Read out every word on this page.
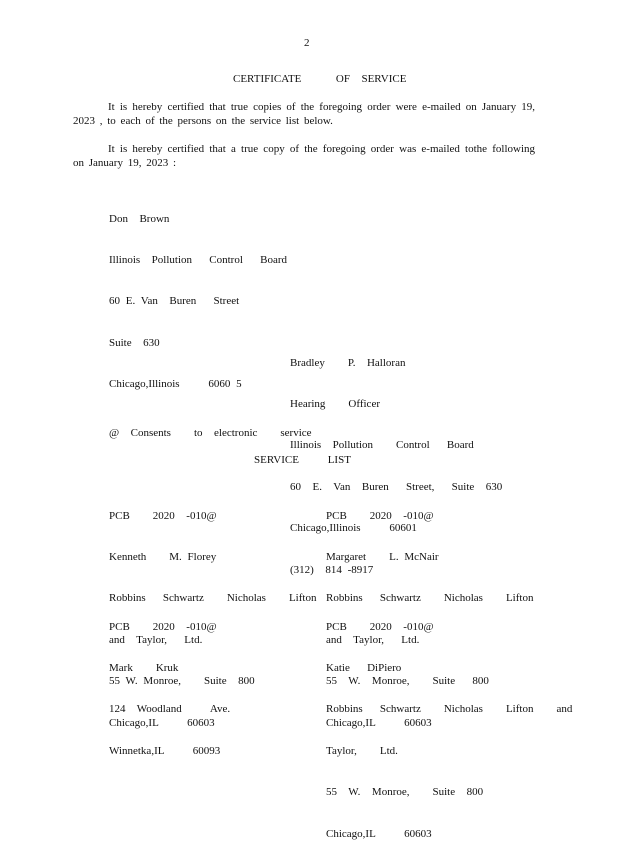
2
CERTIFICATE      OF  SERVICE
It is hereby certified that true copies of the foregoing order were e-mailed on January 19, 2023 , to each of the persons on the service list below.
It is hereby certified that a true copy of the foregoing order was e-mailed tothe following on January 19, 2023 :

Don  Brown

Illinois  Pollution   Control   Board

60 E. Van  Buren   Street

Suite  630

Chicago,Illinois     6060 5

Bradley    P.  Halloran

Hearing    Officer

Illinois  Pollution    Control   Board

60  E.  Van  Buren   Street,   Suite  630

Chicago,Illinois     60601

(312)  814 -8917

@  Consents    to  electronic    service
SERVICE     LIST

PCB    2020  -010@

Kenneth    M. Florey

Robbins   Schwartz    Nicholas    Lifton

and  Taylor,   Ltd.

55 W. Monroe,    Suite  800

Chicago,IL     60603

PCB    2020  -010@

Margaret    L. McNair

Robbins   Schwartz    Nicholas    Lifton

and  Taylor,   Ltd.

55  W.  Monroe,    Suite   800

Chicago,IL     60603

PCB    2020  -010@

Mark    Kruk

124  Woodland     Ave.

Winnetka,IL     60093

PCB    2020  -010@

Katie   DiPiero

Robbins   Schwartz    Nicholas    Lifton    and

Taylor,    Ltd.

55  W.  Monroe,    Suite  800

Chicago,IL     60603
